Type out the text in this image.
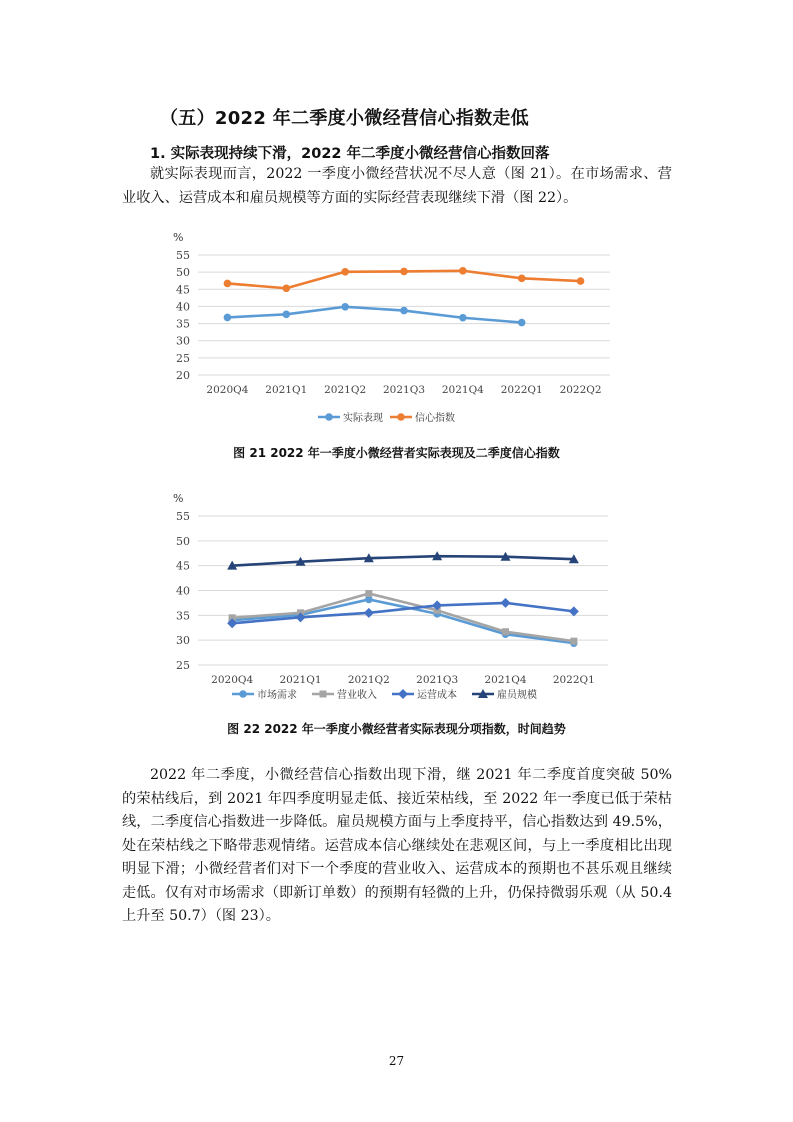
（五）2022 年二季度小微经营信心指数走低
1. 实际表现持续下滑，2022 年二季度小微经营信心指数回落
就实际表现而言，2022 一季度小微经营状况不尽人意（图 21）。在市场需求、营业收入、运营成本和雇员规模等方面的实际经营表现继续下滑（图 22）。
%
20
25
30
35
40
45
50
55
2020Q4 2021Q1 2021Q2 2021Q3 2021Q4 2022Q1 2022Q2
实际表现	信心指数
图 21 2022 年一季度小微经营者实际表现及二季度信心指数
%
25
30
35
40
45
50
55
2020Q4	2021Q1	2021Q2	2021Q3	2021Q4	2022Q1
市场需求	营业收入	运营成本	雇员规模
图 22 2022 年一季度小微经营者实际表现分项指数，时间趋势
2022 年二季度，小微经营信心指数出现下滑，继 2021 年二季度首度突破 50% 的荣枯线后，到 2021 年四季度明显走低、接近荣枯线，至 2022 年一季度已低于荣枯线，二季度信心指数进一步降低。雇员规模方面与上季度持平，信心指数达到 49.5%，处在荣枯线之下略带悲观情绪。运营成本信心继续处在悲观区间，与上一季度相比出现明显下滑；小微经营者们对下一个季度的营业收入、运营成本的预期也不甚乐观且继续走低。仅有对市场需求（即新订单数）的预期有轻微的上升，仍保持微弱乐观（从 50.4 上升至 50.7）（图 23）。
27
